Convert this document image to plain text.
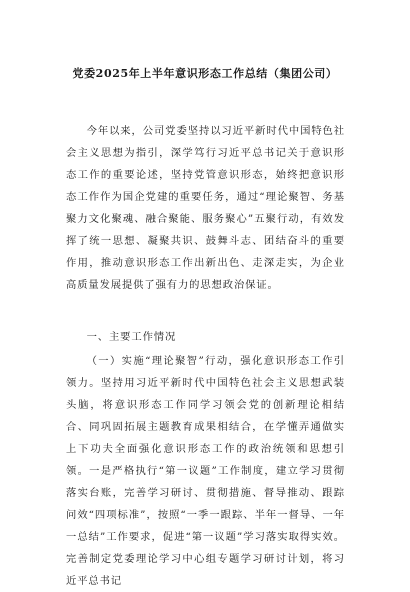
党委2025年上半年意识形态工作总结（集团公司）
今年以来，公司党委坚持以习近平新时代中国特色社会主义思想为指引，深学笃行习近平总书记关于意识形态工作的重要论述，坚持党管意识形态，始终把意识形态工作作为国企党建的重要任务，通过“理论聚智、务基聚力文化聚魂、融合聚能、服务聚心”五聚行动，有效发挥了统一思想、凝聚共识、鼓舞斗志、团结奋斗的重要作用，推动意识形态工作出新出色、走深走实，为企业高质量发展提供了强有力的思想政治保证。
一、主要工作情况
（一）实施“理论聚智”行动，强化意识形态工作引领力。坚持用习近平新时代中国特色社会主义思想武装头脑，将意识形态工作同学习领会党的创新理论相结合、同巩固拓展主题教育成果相结合，在学懂弄通做实上下功夫全面强化意识形态工作的政治统领和思想引领。一是严格执行“第一议题”工作制度，建立学习贯彻落实台账，完善学习研讨、贯彻措施、督导推动、跟踪问效“四项标准”，按照“一季一跟踪、半年一督导、一年一总结”工作要求，促进“第一议题”学习落实取得实效。完善制定党委理论学习中心组专题学习研讨计划，将习近平总书记
